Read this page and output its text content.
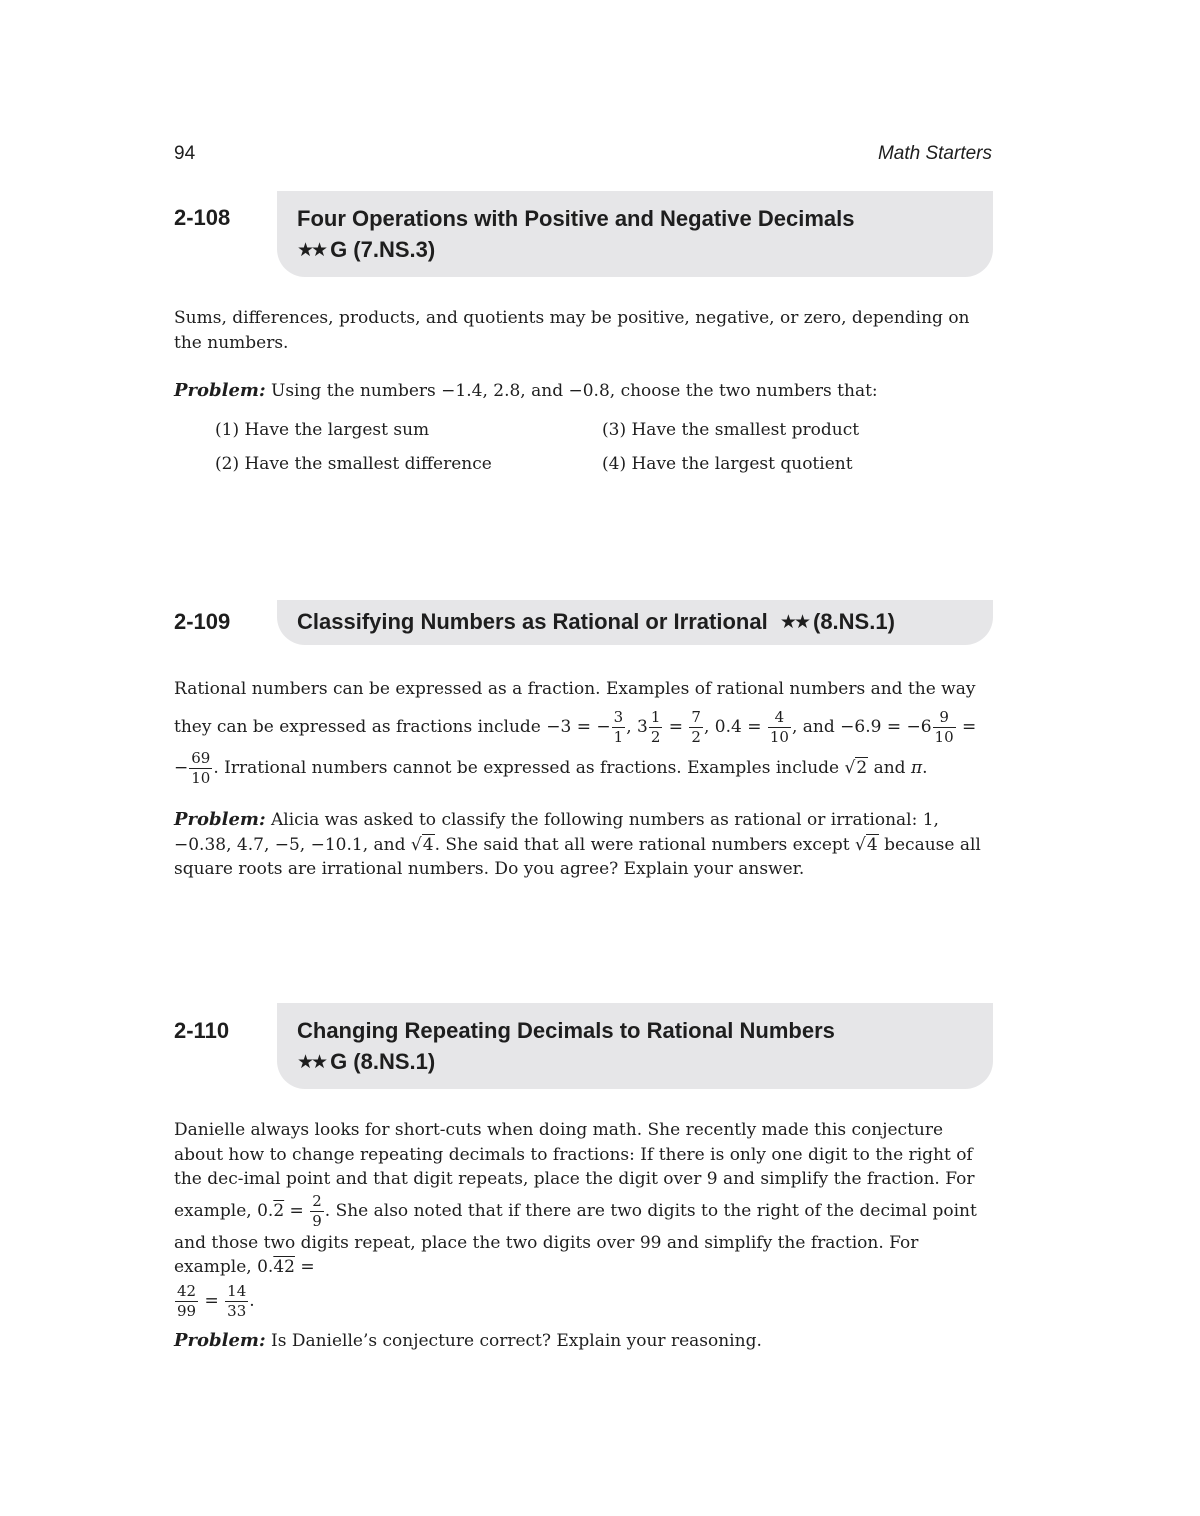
94	Math Starters
2-108	Four Operations with Positive and Negative Decimals
★★ G (7.NS.3)

Sums, differences, products, and quotients may be positive, negative, or zero, depending on the numbers.

Problem: Using the numbers −1.4, 2.8, and −0.8, choose the two numbers that:

(1) Have the largest sum	(3) Have the smallest product
(2) Have the smallest difference	(4) Have the largest quotient
2-109	Classifying Numbers as Rational or Irrational ★★ (8.NS.1)

Rational numbers can be expressed as a fraction. Examples of rational numbers and the way

they can be expressed as fractions include −3 = − $\frac{3}{1}$ , $3 \frac{1}{2} = \frac{7}{2}$ , $0.4 = \frac{4}{10}$ , and $-6.9 = -6 \frac{9}{10}$ =

− $\frac{69}{10}$ . Irrational numbers cannot be expressed as fractions. Examples include √2 and π.

Problem: Alicia was asked to classify the following numbers as rational or irrational: 1, −0.38, 4.7, −5, −10.1, and √4. She said that all were rational numbers except √4 because all square roots are irrational numbers. Do you agree? Explain your answer.

2-110	Changing Repeating Decimals to Rational Numbers
★★ G (8.NS.1)

Danielle always looks for short-cuts when doing math. She recently made this conjecture about how to change repeating decimals to fractions: If there is only one digit to the right of the dec-imal point and that digit repeats, place the digit over 9 and simplify the fraction. For example, $0.2 = \frac{2}{9}$ . She also noted that if there are two digits to the right of the decimal point and those two digits repeat, place the two digits over 99 and simplify the fraction. For example, 0.42 =

$\frac{42}{99} = \frac{14}{33}$ .

Problem: Is Danielle’s conjecture correct? Explain your reasoning.
